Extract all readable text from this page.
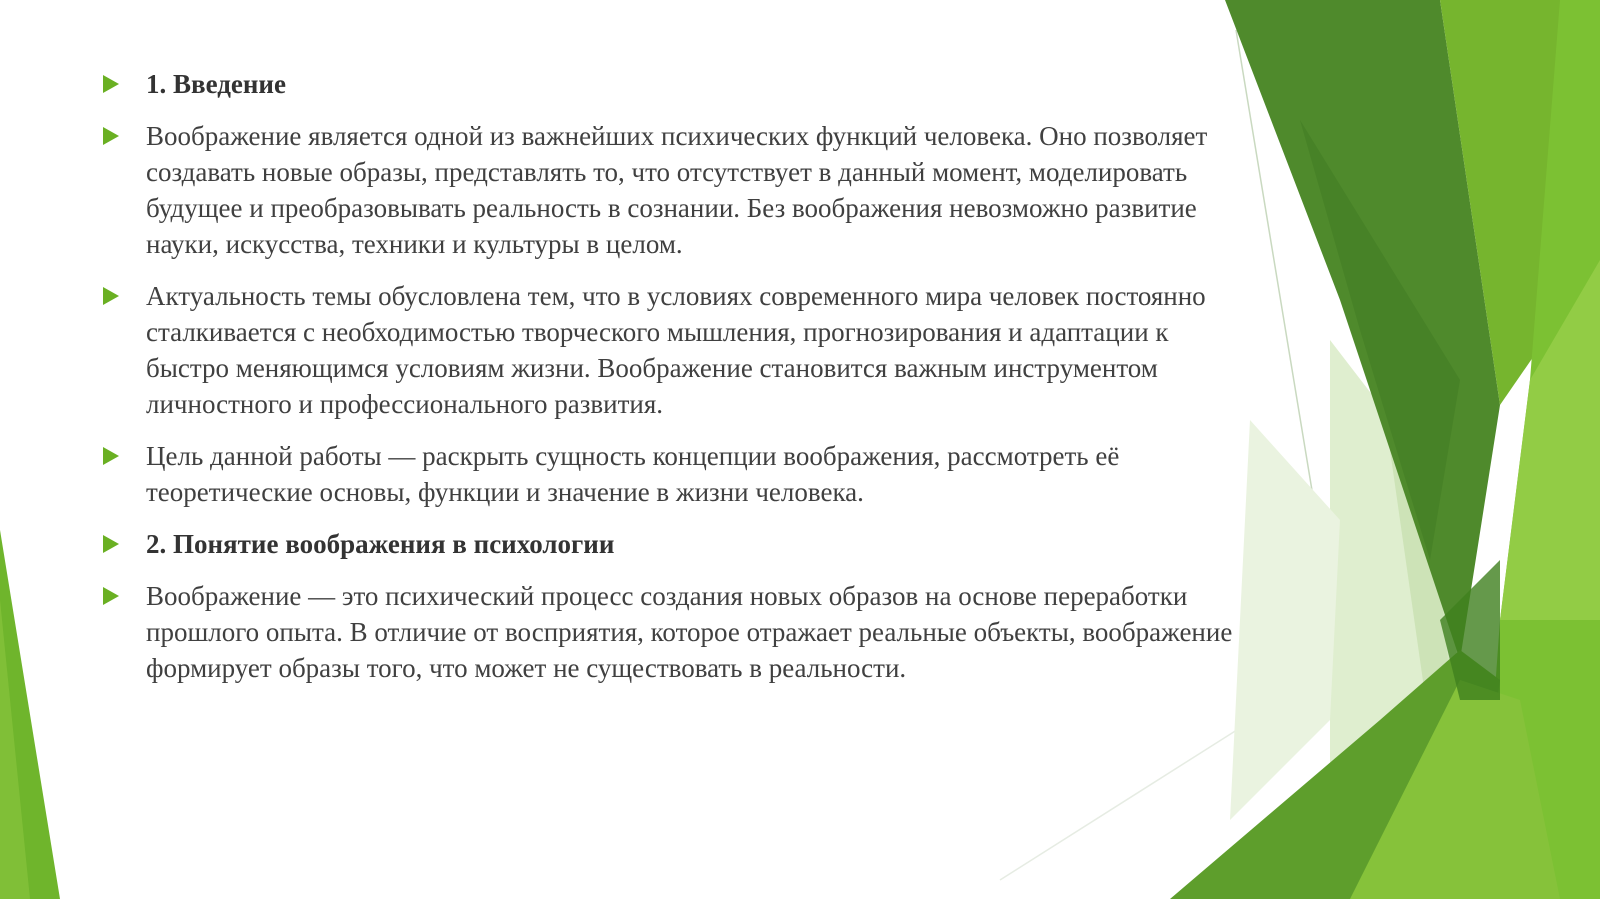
1. Введение
Воображение является одной из важнейших психических функций человека. Оно позволяет создавать новые образы, представлять то, что отсутствует в данный момент, моделировать будущее и преобразовывать реальность в сознании. Без воображения невозможно развитие науки, искусства, техники и культуры в целом.
Актуальность темы обусловлена тем, что в условиях современного мира человек постоянно сталкивается с необходимостью творческого мышления, прогнозирования и адаптации к быстро меняющимся условиям жизни. Воображение становится важным инструментом личностного и профессионального развития.
Цель данной работы — раскрыть сущность концепции воображения, рассмотреть её теоретические основы, функции и значение в жизни человека.
2. Понятие воображения в психологии
Воображение — это психический процесс создания новых образов на основе переработки прошлого опыта. В отличие от восприятия, которое отражает реальные объекты, воображение формирует образы того, что может не существовать в реальности.
